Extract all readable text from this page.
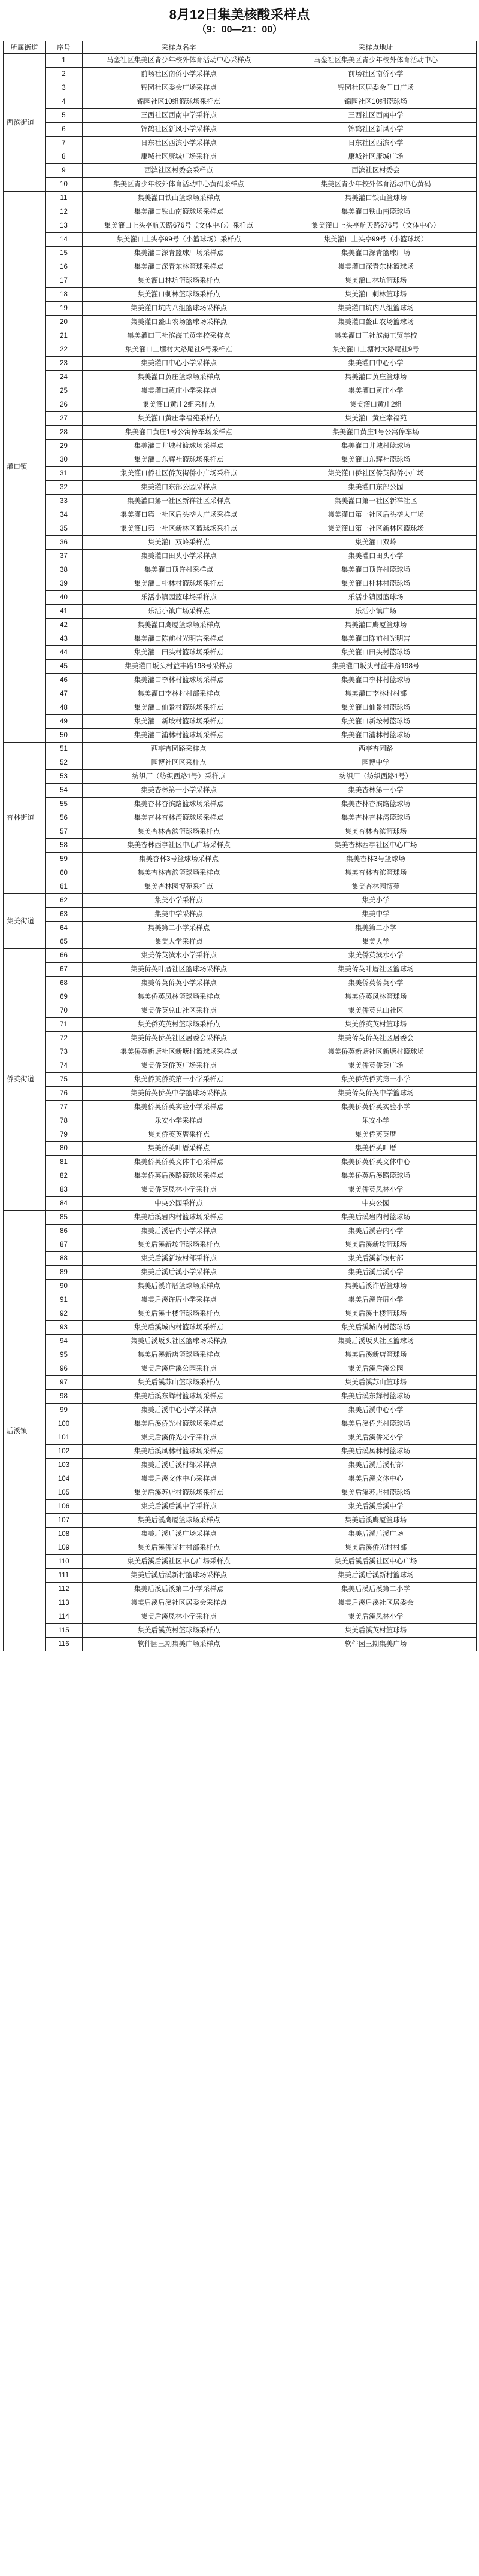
8月12日集美核酸采样点
（9：00—21：00）
所属街道	序号	采样点名字	采样点地址
西滨街道	1	马銮社区集美区青少年校外体育活动中心采样点	马銮社区集美区青少年校外体育活动中心
	2	前场社区南侨小学采样点	前场社区南侨小学
	3	锦园社区委会广场采样点	锦园社区居委会门口广场
	4	锦园社区10组篮球场采样点	锦园社区10组篮球场
	5	三西社区西南中学采样点	三西社区西南中学
	6	锦鹤社区新风小学采样点	锦鹤社区新风小学
	7	日东社区西滨小学采样点	日东社区西滨小学
	8	康城社区康城广场采样点	康城社区康城广场
	9	西滨社区村委会采样点	西滨社区村委会
	10	集美区青少年校外体育活动中心黄码采样点	集美区青少年校外体育活动中心黄码
灌口镇	11	集美灌口铁山篮球场采样点	集美灌口铁山篮球场
	12	集美灌口铁山南篮球场采样点	集美灌口铁山南篮球场
	13	集美灌口上头亭航天路676号（文体中心）采样点	集美灌口上头亭航天路676号（文体中心）
	14	集美灌口上头亭99号（小篮球场）采样点	集美灌口上头亭99号（小篮球场）
	15	集美灌口深青篮球厂场采样点	集美灌口深青篮球厂场
	16	集美灌口深青东林篮球采样点	集美灌口深青东林篮球场
	17	集美灌口林坑篮球场采样点	集美灌口林坑篮球场
	18	集美灌口刺林篮球场采样点	集美灌口刺林篮球场
	19	集美灌口坑内八组篮球场采样点	集美灌口坑内八组篮球场
	20	集美灌口鳌山农场篮球场采样点	集美灌口鳌山农场篮球场
	21	集美灌口三社滨海工贸学校采样点	集美灌口三社滨海工贸学校
	22	集美灌口上塘村大路尾社9号采样点	集美灌口上塘村大路尾社9号
	23	集美灌口中心小学采样点	集美灌口中心小学
	24	集美灌口黄庄篮球场采样点	集美灌口黄庄篮球场
	25	集美灌口黄庄小学采样点	集美灌口黄庄小学
	26	集美灌口黄庄2组采样点	集美灌口黄庄2组
	27	集美灌口黄庄幸福苑采样点	集美灌口黄庄幸福苑
	28	集美灌口黄庄1号公寓停车场采样点	集美灌口黄庄1号公寓停车场
	29	集美灌口井城村篮球场采样点	集美灌口井城村篮球场
	30	集美灌口东辉社篮球场采样点	集美灌口东辉社篮球场
	31	集美灌口侨社区侨英街侨小广场采样点	集美灌口侨社区侨英街侨小广场
	32	集美灌口东部公园采样点	集美灌口东部公园
	33	集美灌口第一社区新祥社区采样点	集美灌口第一社区新祥社区
	34	集美灌口第一社区后头垄大广场采样点	集美灌口第一社区后头垄大广场
	35	集美灌口第一社区新林区篮球场采样点	集美灌口第一社区新林区篮球场
	36	集美灌口双岭采样点	集美灌口双岭
	37	集美灌口田头小学采样点	集美灌口田头小学
	38	集美灌口顶许村采样点	集美灌口顶许村篮球场
	39	集美灌口桂林村篮球场采样点	集美灌口桂林村篮球场
	40	乐活小镇园篮球场采样点	乐活小镇园篮球场
	41	乐活小镇广场采样点	乐活小镇广场
	42	集美灌口鹰厦篮球场采样点	集美灌口鹰厦篮球场
	43	集美灌口陈前村光明宫采样点	集美灌口陈前村光明宫
	44	集美灌口田头村篮球场采样点	集美灌口田头村篮球场
	45	集美灌口坂头村益丰路198号采样点	集美灌口坂头村益丰路198号
	46	集美灌口李林村篮球场采样点	集美灌口李林村篮球场
	47	集美灌口李林村村部采样点	集美灌口李林村村部
	48	集美灌口仙景村篮球场采样点	集美灌口仙景村篮球场
	49	集美灌口新垵村篮球场采样点	集美灌口新垵村篮球场
	50	集美灌口浦林村篮球场采样点	集美灌口浦林村篮球场
杏林街道	51	西亭杏园路采样点	西亭杏园路
	52	园博社区区采样点	园博中学
	53	纺织厂（纺织西路1号）采样点	纺织厂（纺织西路1号）
	54	集美杏林第一小学采样点	集美杏林第一小学
	55	集美杏林杏滨路篮球场采样点	集美杏林杏滨路篮球场
	56	集美杏林杏林湾篮球场采样点	集美杏林杏林湾篮球场
	57	集美杏林杏滨篮球场采样点	集美杏林杏滨篮球场
	58	集美杏林西亭社区中心广场采样点	集美杏林西亭社区中心广场
	59	集美杏林3号篮球场采样点	集美杏林3号篮球场
	60	集美杏林杏滨篮球场采样点	集美杏林杏滨篮球场
	61	集美杏林园博苑采样点	集美杏林园博苑
集美街道	62	集美小学采样点	集美小学
	63	集美中学采样点	集美中学
	64	集美第二小学采样点	集美第二小学
	65	集美大学采样点	集美大学
侨英街道	66	集美侨英滨水小学采样点	集美侨英滨水小学
	67	集美侨英叶厝社区篮球场采样点	集美侨英叶厝社区篮球场
	68	集美侨英侨英小学采样点	集美侨英侨英小学
	69	集美侨英凤林篮球场采样点	集美侨英凤林篮球场
	70	集美侨英兑山社区采样点	集美侨英兑山社区
	71	集美侨英英村篮球场采样点	集美侨英英村篮球场
	72	集美侨英侨英社区居委会采样点	集美侨英侨英社区居委会
	73	集美侨英新塘社区新塘村篮球场采样点	集美侨英新塘社区新塘村篮球场
	74	集美侨英侨英广场采样点	集美侨英侨英广场
	75	集美侨英侨英第一小学采样点	集美侨英侨英第一小学
	76	集美侨英侨英中学篮球场采样点	集美侨英侨英中学篮球场
	77	集美侨英侨英实验小学采样点	集美侨英侨英实验小学
	78	乐安小学采样点	乐安小学
	79	集美侨英英厝采样点	集美侨英英厝
	80	集美侨英叶厝采样点	集美侨英叶厝
	81	集美侨英侨英文体中心采样点	集美侨英侨英文体中心
	82	集美侨英后溪路篮球场采样点	集美侨英后溪路篮球场
	83	集美侨英凤林小学采样点	集美侨英凤林小学
	84	中央公园采样点	中央公园
后溪镇	85	集美后溪岩内村篮球场采样点	集美后溪岩内村篮球场
	86	集美后溪岩内小学采样点	集美后溪岩内小学
	87	集美后溪新垵篮球场采样点	集美后溪新垵篮球场
	88	集美后溪新垵村部采样点	集美后溪新垵村部
	89	集美后溪后溪小学采样点	集美后溪后溪小学
	90	集美后溪许厝篮球场采样点	集美后溪许厝篮球场
	91	集美后溪许厝小学采样点	集美后溪许厝小学
	92	集美后溪土楼篮球场采样点	集美后溪土楼篮球场
	93	集美后溪城内村篮球场采样点	集美后溪城内村篮球场
	94	集美后溪坂头社区篮球场采样点	集美后溪坂头社区篮球场
	95	集美后溪新店篮球场采样点	集美后溪新店篮球场
	96	集美后溪后溪公园采样点	集美后溪后溪公园
	97	集美后溪苏山篮球场采样点	集美后溪苏山篮球场
	98	集美后溪东辉村篮球场采样点	集美后溪东辉村篮球场
	99	集美后溪中心小学采样点	集美后溪中心小学
	100	集美后溪侨光村篮球场采样点	集美后溪侨光村篮球场
	101	集美后溪侨光小学采样点	集美后溪侨光小学
	102	集美后溪凤林村篮球场采样点	集美后溪凤林村篮球场
	103	集美后溪后溪村部采样点	集美后溪后溪村部
	104	集美后溪文体中心采样点	集美后溪文体中心
	105	集美后溪苏店村篮球场采样点	集美后溪苏店村篮球场
	106	集美后溪后溪中学采样点	集美后溪后溪中学
	107	集美后溪鹰厦篮球场采样点	集美后溪鹰厦篮球场
	108	集美后溪后溪广场采样点	集美后溪后溪广场
	109	集美后溪侨光村村部采样点	集美后溪侨光村村部
	110	集美后溪后溪社区中心广场采样点	集美后溪后溪社区中心广场
	111	集美后溪后溪新村篮球场采样点	集美后溪后溪新村篮球场
	112	集美后溪后溪第二小学采样点	集美后溪后溪第二小学
	113	集美后溪后溪社区居委会采样点	集美后溪后溪社区居委会
	114	集美后溪凤林小学采样点	集美后溪凤林小学
	115	集美后溪英村篮球场采样点	集美后溪英村篮球场
	116	软件园三期集美广场采样点	软件园三期集美广场
